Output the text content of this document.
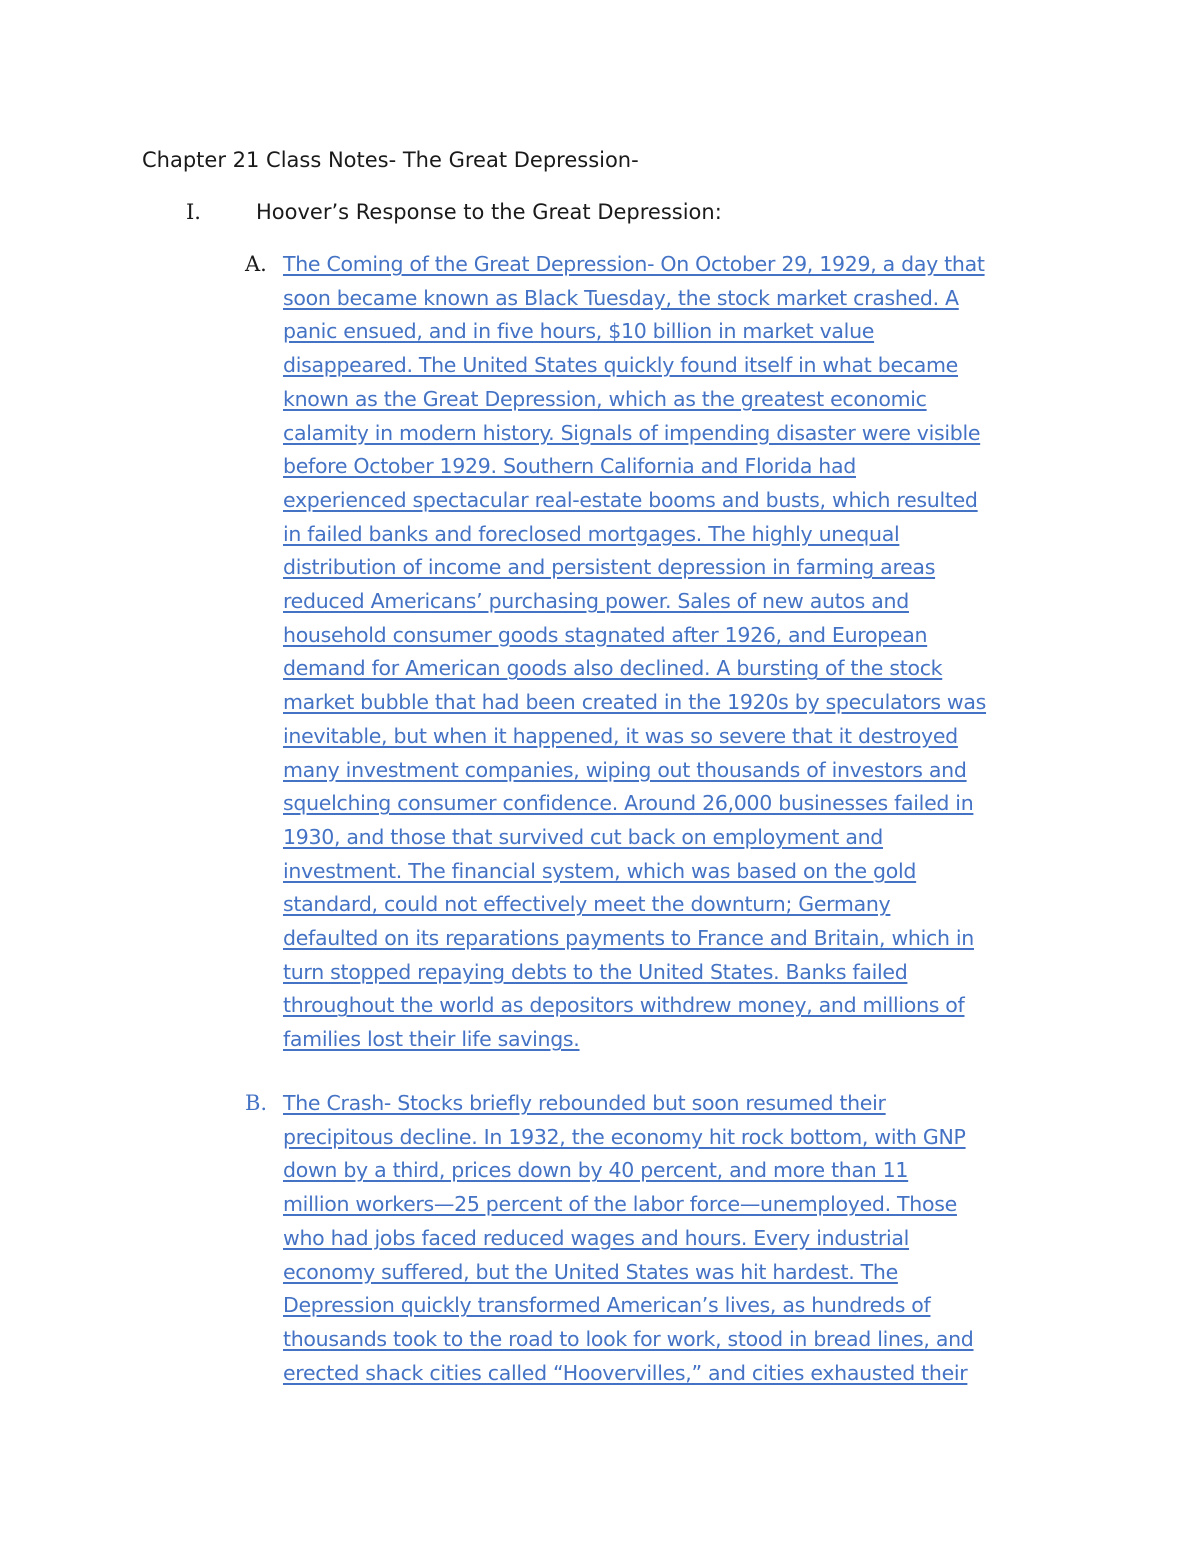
Chapter 21 Class Notes- The Great Depression-
I.	Hoover’s Response to the Great Depression:
A. The Coming of the Great Depression- On October 29, 1929, a day that
soon became known as Black Tuesday, the stock market crashed. A
panic ensued, and in five hours, $10 billion in market value
disappeared. The United States quickly found itself in what became
known as the Great Depression, which as the greatest economic
calamity in modern history. Signals of impending disaster were visible
before October 1929. Southern California and Florida had
experienced spectacular real-estate booms and busts, which resulted
in failed banks and foreclosed mortgages. The highly unequal
distribution of income and persistent depression in farming areas
reduced Americans’ purchasing power. Sales of new autos and
household consumer goods stagnated after 1926, and European
demand for American goods also declined. A bursting of the stock
market bubble that had been created in the 1920s by speculators was
inevitable, but when it happened, it was so severe that it destroyed
many investment companies, wiping out thousands of investors and
squelching consumer confidence. Around 26,000 businesses failed in
1930, and those that survived cut back on employment and
investment. The financial system, which was based on the gold
standard, could not effectively meet the downturn; Germany
defaulted on its reparations payments to France and Britain, which in
turn stopped repaying debts to the United States. Banks failed
throughout the world as depositors withdrew money, and millions of
families lost their life savings.
B. The Crash- Stocks briefly rebounded but soon resumed their
precipitous decline. In 1932, the economy hit rock bottom, with GNP
down by a third, prices down by 40 percent, and more than 11
million workers—25 percent of the labor force—unemployed. Those
who had jobs faced reduced wages and hours. Every industrial
economy suffered, but the United States was hit hardest. The
Depression quickly transformed American’s lives, as hundreds of
thousands took to the road to look for work, stood in bread lines, and
erected shack cities called “Hoovervilles,” and cities exhausted their
